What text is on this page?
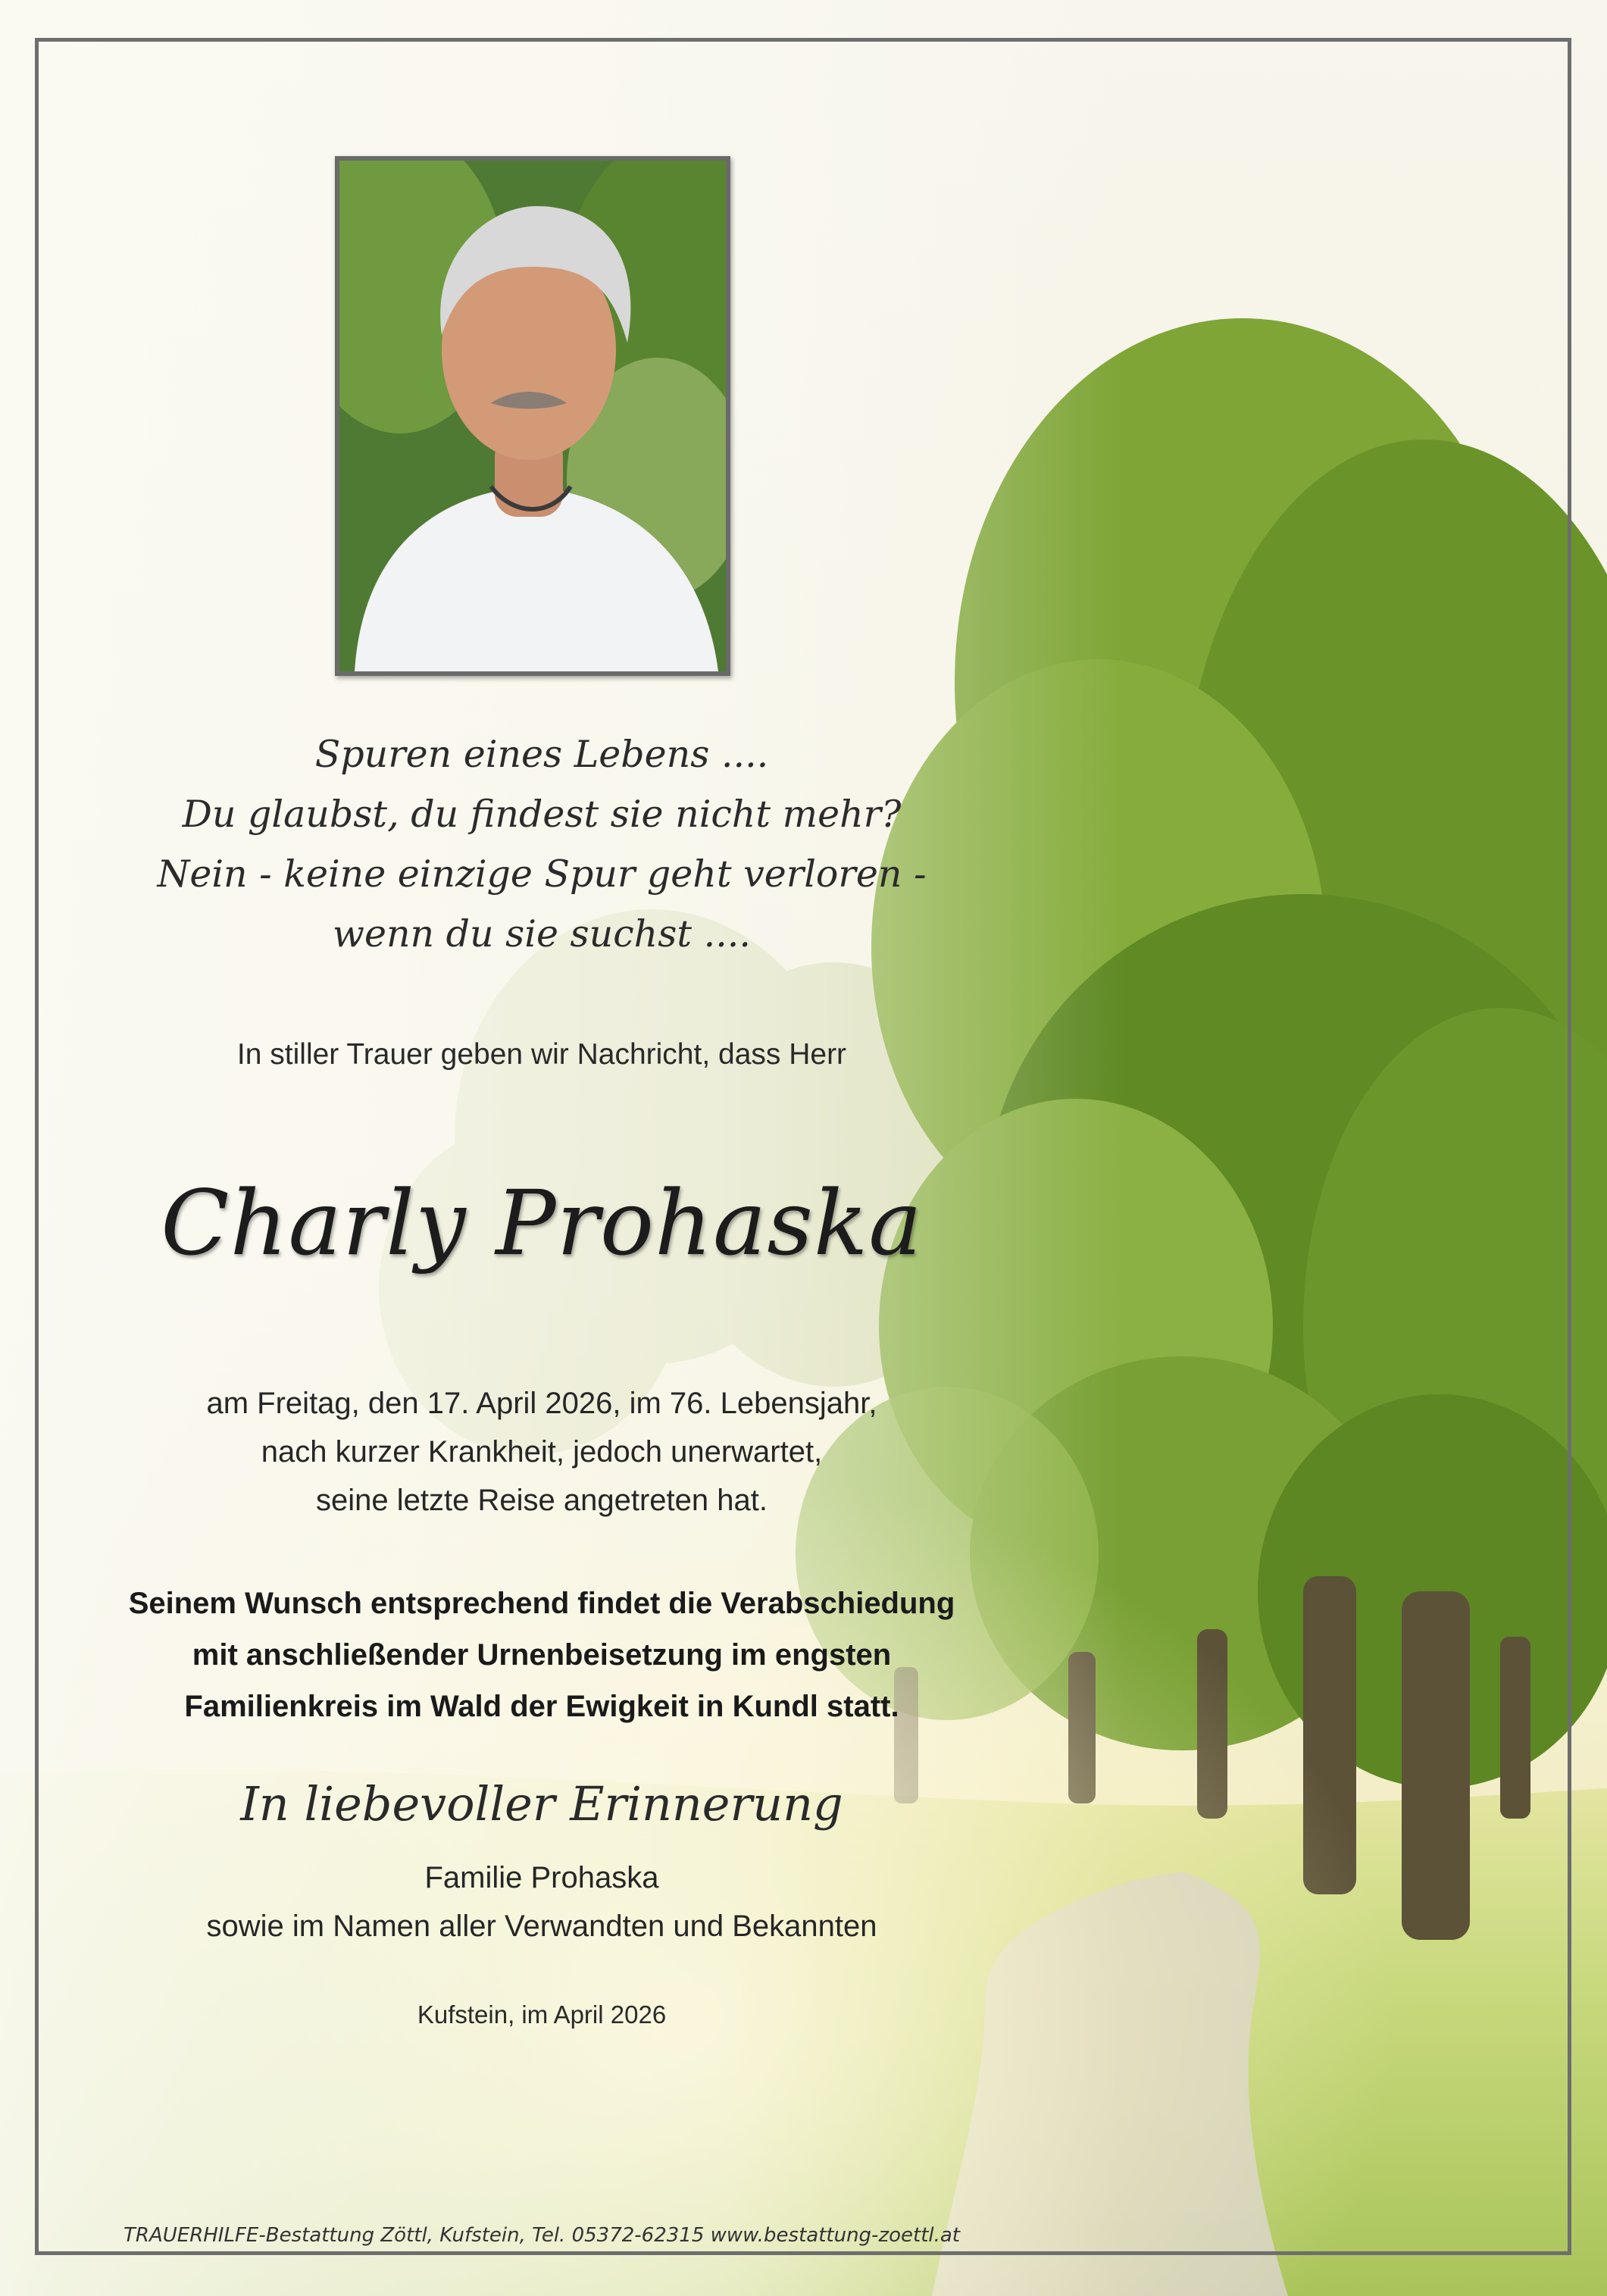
Spuren eines Lebens ....
Du glaubst, du findest sie nicht mehr?
Nein - keine einzige Spur geht verloren -
wenn du sie suchst ....
In stiller Trauer geben wir Nachricht, dass Herr
Charly Prohaska
am Freitag, den 17. April 2026, im 76. Lebensjahr,
nach kurzer Krankheit, jedoch unerwartet,
seine letzte Reise angetreten hat.
Seinem Wunsch entsprechend findet die Verabschiedung
mit anschließender Urnenbeisetzung im engsten
Familienkreis im Wald der Ewigkeit in Kundl statt.
In liebevoller Erinnerung
Familie Prohaska
sowie im Namen aller Verwandten und Bekannten
Kufstein, im April 2026
TRAUERHILFE-Bestattung Zöttl, Kufstein, Tel. 05372-62315 www.bestattung-zoettl.at
